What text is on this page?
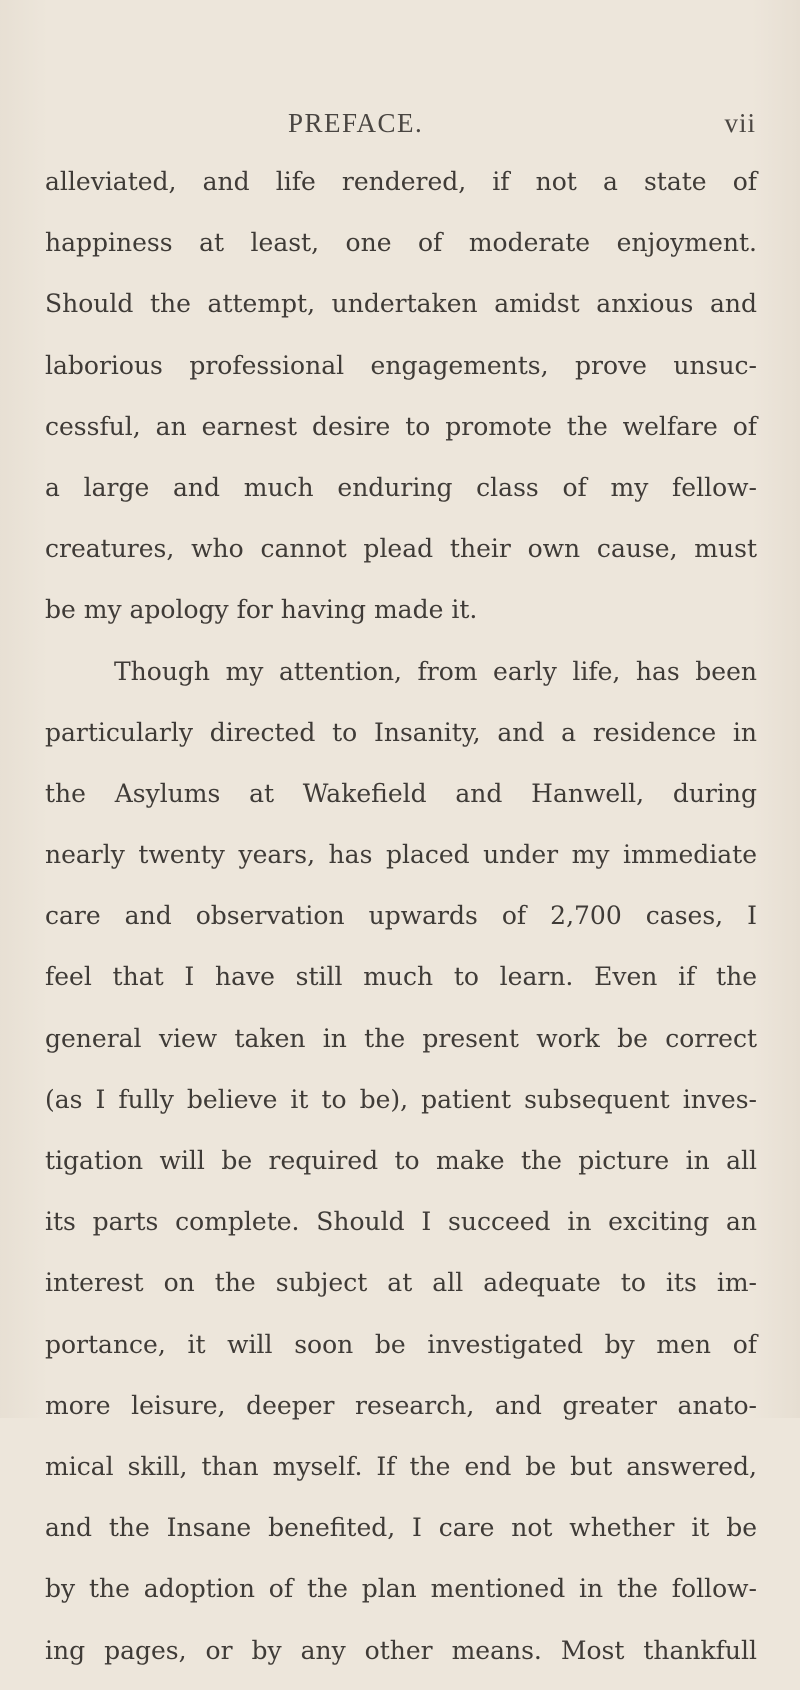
PREFACE.	vii
alleviated, and life rendered, if not a state of
happiness at least, one of moderate enjoyment.
Should the attempt, undertaken amidst anxious and
laborious professional engagements, prove unsuc-
cessful, an earnest desire to promote the welfare of
a large and much enduring class of my fellow-
creatures, who cannot plead their own cause, must
be my apology for having made it.
Though my attention, from early life, has been
particularly directed to Insanity, and a residence in
the Asylums at Wakefield and Hanwell, during
nearly twenty years, has placed under my immediate
care and observation upwards of 2,700 cases, I
feel that I have still much to learn. Even if the
general view taken in the present work be correct
(as I fully believe it to be), patient subsequent inves-
tigation will be required to make the picture in all
its parts complete. Should I succeed in exciting an
interest on the subject at all adequate to its im-
portance, it will soon be investigated by men of
more leisure, deeper research, and greater anato-
mical skill, than myself. If the end be but answered,
and the Insane benefited, I care not whether it be
by the adoption of the plan mentioned in the follow-
ing pages, or by any other means. Most thankfull
